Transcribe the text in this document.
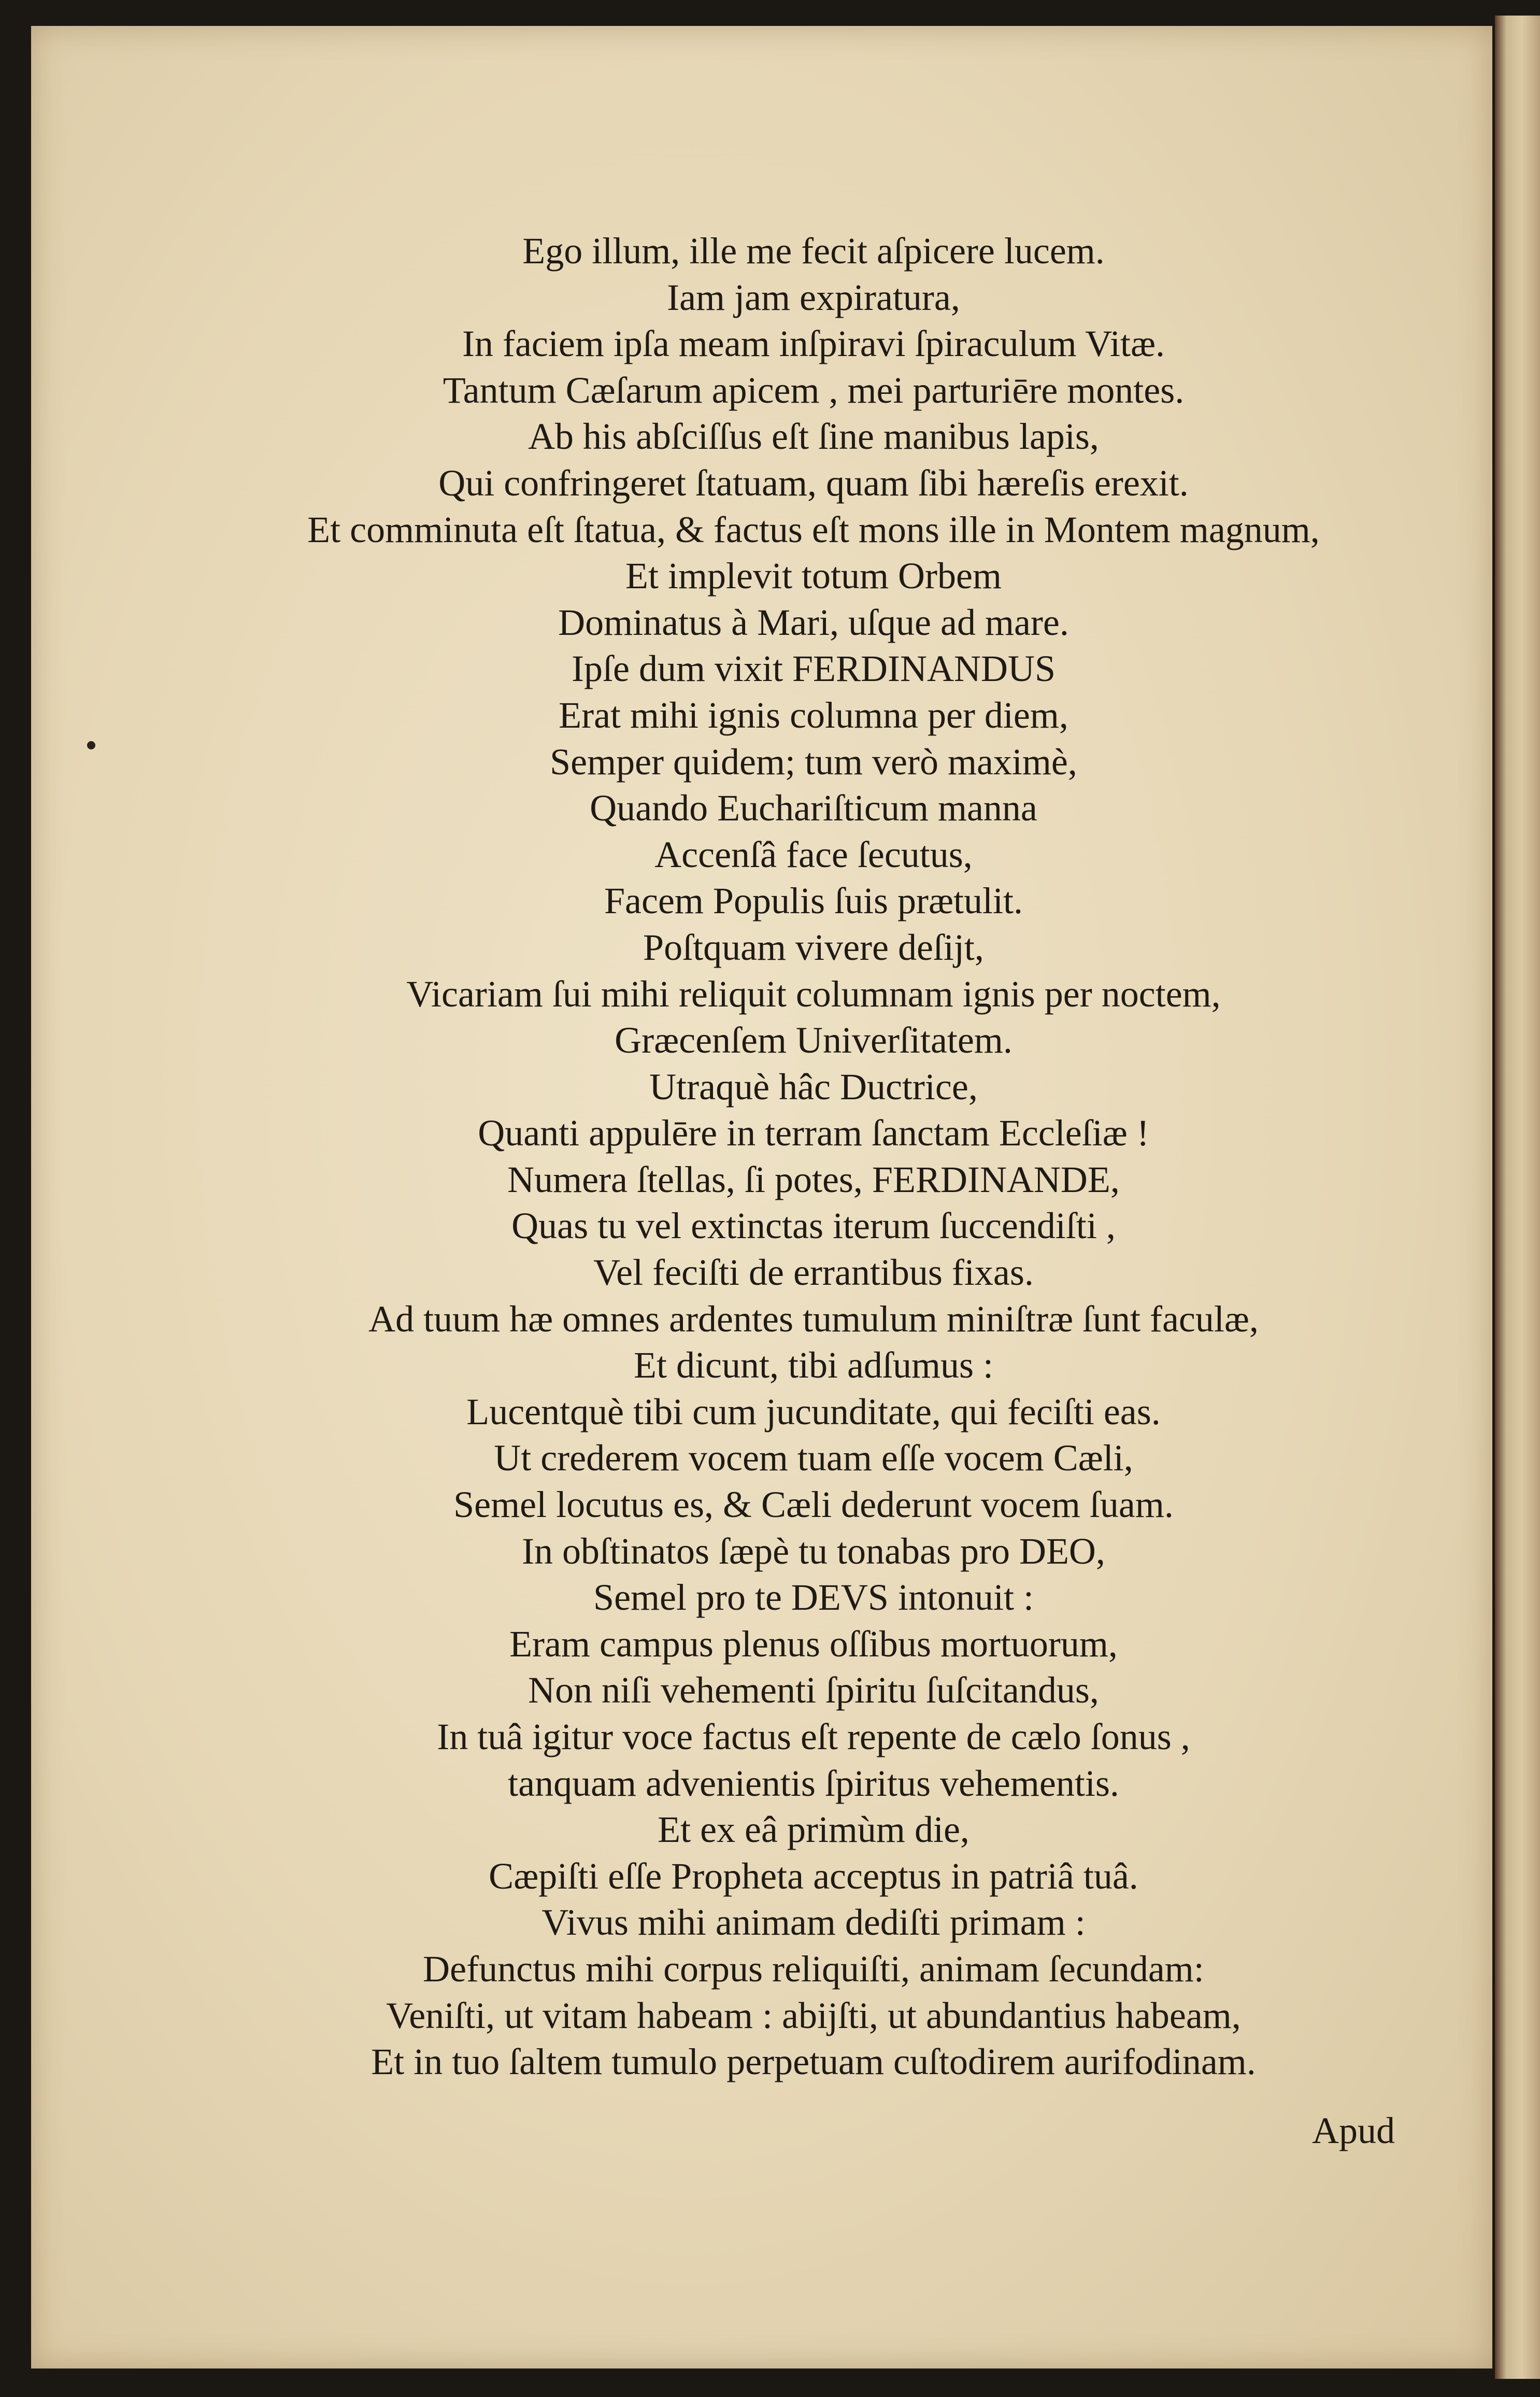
Ego illum, ille me fecit aſpicere lucem.
Iam jam expiratura,
In faciem ipſa meam inſpiravi ſpiraculum Vitæ.
Tantum Cæſarum apicem , mei parturiēre montes.
Ab his abſciſſus eſt ſine manibus lapis,
Qui confringeret ſtatuam, quam ſibi hæreſis erexit.
Et comminuta eſt ſtatua, & factus eſt mons ille in Montem magnum,
Et implevit totum Orbem
Dominatus à Mari, uſque ad mare.
Ipſe dum vixit FERDINANDUS
Erat mihi ignis columna per diem,
Semper quidem; tum verò maximè,
Quando Euchariſticum manna
Accenſâ face ſecutus,
Facem Populis ſuis prætulit.
Poſtquam vivere deſijt,
Vicariam ſui mihi reliquit columnam ignis per noctem,
Græcenſem Univerſitatem.
Utraquè hâc Ductrice,
Quanti appulēre in terram ſanctam Eccleſiæ !
Numera ſtellas, ſi potes, FERDINANDE,
Quas tu vel extinctas iterum ſuccendiſti ,
Vel feciſti de errantibus fixas.
Ad tuum hæ omnes ardentes tumulum miniſtræ ſunt faculæ,
Et dicunt, tibi adſumus :
Lucentquè tibi cum jucunditate, qui feciſti eas.
Ut crederem vocem tuam eſſe vocem Cæli,
Semel locutus es, & Cæli dederunt vocem ſuam.
In obſtinatos ſæpè tu tonabas pro DEO,
Semel pro te DEVS intonuit :
Eram campus plenus oſſibus mortuorum,
Non niſi vehementi ſpiritu ſuſcitandus,
In tuâ igitur voce factus eſt repente de cælo ſonus ,
tanquam advenientis ſpiritus vehementis.
Et ex eâ primùm die,
Cæpiſti eſſe Propheta acceptus in patriâ tuâ.
Vivus mihi animam dediſti primam :
Defunctus mihi corpus reliquiſti, animam ſecundam:
Veniſti, ut vitam habeam : abijſti, ut abundantius habeam,
Et in tuo ſaltem tumulo perpetuam cuſtodirem aurifodinam.
Apud
